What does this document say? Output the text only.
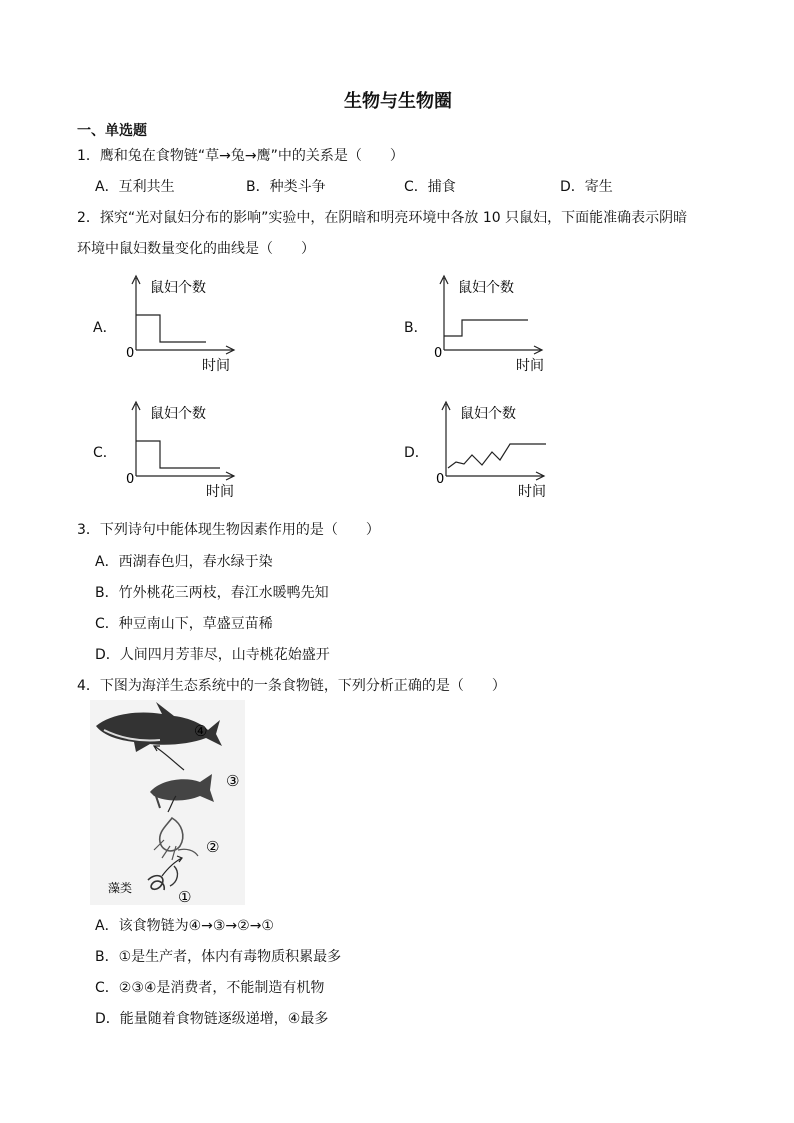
生物与生物圈
一、单选题
1．鹰和兔在食物链“草→兔→鹰”中的关系是（　　）
A．互利共生	B．种类斗争	C．捕食	D．寄生
2．探究“光对鼠妇分布的影响”实验中，在阴暗和明亮环境中各放 10 只鼠妇，下面能准确表示阴暗
环境中鼠妇数量变化的曲线是（　　）
A．
鼠妇个数
时间
0
B．
鼠妇个数
时间
0
C．
鼠妇个数
时间
0
D．
鼠妇个数
时间
0
3．下列诗句中能体现生物因素作用的是（　　）
A．西湖春色归，春水绿于染
B．竹外桃花三两枝，春江水暖鸭先知
C．种豆南山下，草盛豆苗稀
D．人间四月芳菲尽，山寺桃花始盛开
4．下图为海洋生态系统中的一条食物链，下列分析正确的是（　　）
④
③
②
①
藻类
A．该食物链为④→③→②→①
B．①是生产者，体内有毒物质积累最多
C．②③④是消费者，不能制造有机物
D．能量随着食物链逐级递增，④最多
